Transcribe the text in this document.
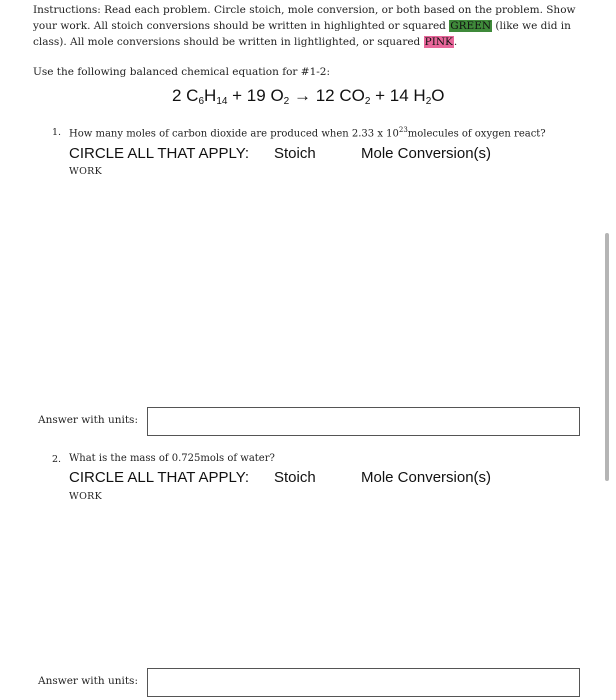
Instructions: Read each problem. Circle stoich, mole conversion, or both based on the problem. Show your work. All stoich conversions should be written in highlighted or squared GREEN (like we did in class). All mole conversions should be written in lightlighted, or squared PINK.
Use the following balanced chemical equation for #1-2:
2 $C_6H_{14} + 19$ $O_2 \to 12$ $CO_2 + 14$ $H_2O$
1. How many moles of carbon dioxide are produced when 2.33 x $10^{23}molecules$ of oxygen react?
CIRCLE ALL THAT APPLY: Stoich	Mole Conversion(s)
WORK
Answer with units:
2. What is the mass of 0.725mols of water?
CIRCLE ALL THAT APPLY: Stoich	Mole Conversion(s)
WORK
Answer with units:
